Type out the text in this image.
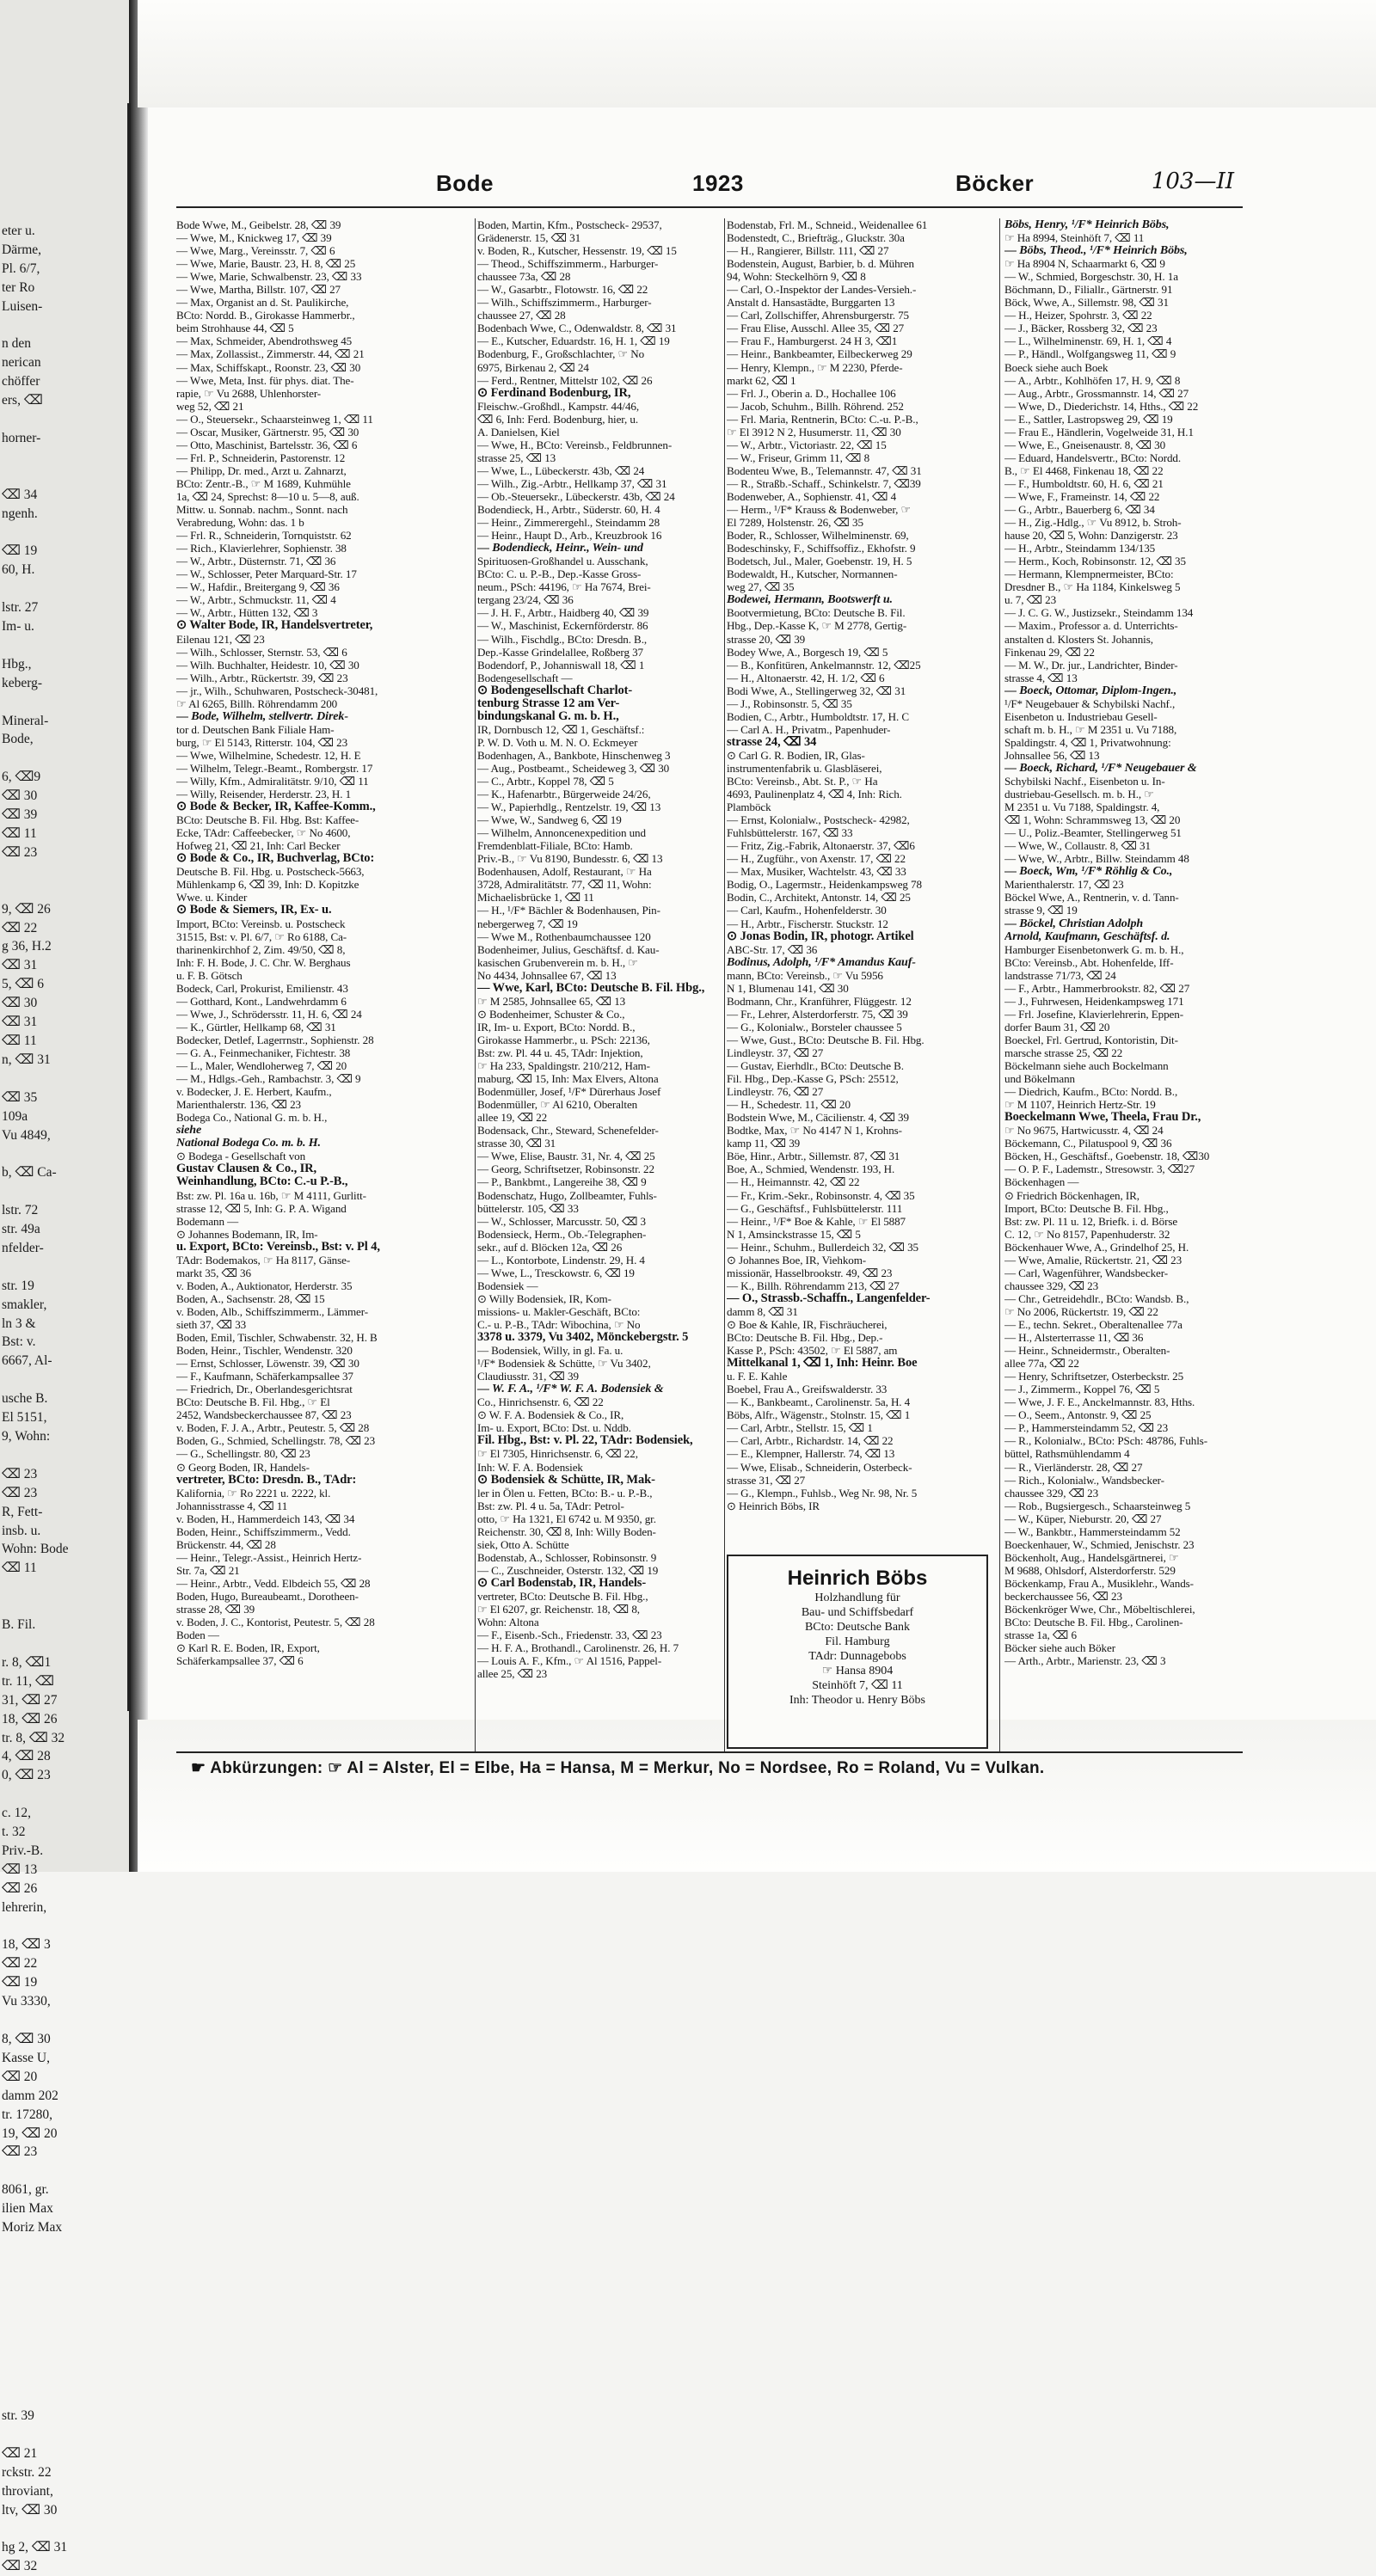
eter u.
Därme,
Pl. 6/7,
ter Ro
Luisen-

n den
nerican
chöffer
ers, ⌫

horner-

⌫ 34
ngenh.

⌫ 19
60, H.

lstr. 27
Im- u.

Hbg.,
keberg-

Mineral-
Bode,

6, ⌫9
⌫ 30
⌫ 39
⌫ 11
⌫ 23

9, ⌫ 26
⌫ 22
g 36, H.2
⌫ 31
5, ⌫ 6
⌫ 30
⌫ 31
⌫ 11
n, ⌫ 31

⌫ 35
109a
Vu 4849,

b, ⌫ Ca-

lstr. 72
str. 49a
nfelder-

str. 19
smakler,
ln 3 &
Bst: v.
6667, Al-

usche B.
El 5151,
9, Wohn:

⌫ 23
⌫ 23
R, Fett-
insb. u.
Wohn: Bode
⌫ 11

B. Fil.

r. 8, ⌫1
tr. 11, ⌫
31, ⌫ 27
18, ⌫ 26
tr. 8, ⌫ 32
4, ⌫ 28
0, ⌫ 23

c. 12,
t. 32
Priv.-B.
⌫ 13
⌫ 26
lehrerin,

18, ⌫ 3
⌫ 22
⌫ 19
Vu 3330,

8, ⌫ 30
Kasse U,
⌫ 20
damm 202
tr. 17280,
19, ⌫ 20
⌫ 23

8061, gr.
ilien Max
Moriz Max

str. 39

⌫ 21
rckstr. 22
throviant,
ltv, ⌫ 30

hg 2, ⌫ 31
⌫ 32
Bode	1923	Böcker	103—II
Bode Wwe, M., Geibelstr. 28, ⌫ 39
— Wwe, M., Knickweg 17, ⌫ 39
— Wwe, Marg., Vereinsstr. 7, ⌫ 6
— Wwe, Marie, Baustr. 23, H. 8, ⌫ 25
— Wwe, Marie, Schwalbenstr. 23, ⌫ 33
— Wwe, Martha, Billstr. 107, ⌫ 27
— Max, Organist an d. St. Paulikirche,
BCto: Nordd. B., Girokasse Hammerbr.,
beim Strohhause 44, ⌫ 5
— Max, Schmeider, Abendrothsweg 45
— Max, Zollassist., Zimmerstr. 44, ⌫ 21
— Max, Schiffskapt., Roonstr. 23, ⌫ 30
— Wwe, Meta, Inst. für phys. diat. The-
rapie, ☞ Vu 2688, Uhlenhorster-
weg 52, ⌫ 21
— O., Steuersekr., Schaarsteinweg 1, ⌫ 11
— Oscar, Musiker, Gärtnerstr. 95, ⌫ 30
— Otto, Maschinist, Bartelsstr. 36, ⌫ 6
— Frl. P., Schneiderin, Pastorenstr. 12
— Philipp, Dr. med., Arzt u. Zahnarzt,
BCto: Zentr.-B., ☞ M 1689, Kuhmühle
1a, ⌫ 24, Sprechst: 8—10 u. 5—8, auß.
Mittw. u. Sonnab. nachm., Sonnt. nach
Verabredung, Wohn: das. 1 b
— Frl. R., Schneiderin, Tornquiststr. 62
— Rich., Klavierlehrer, Sophienstr. 38
— W., Arbtr., Düsternstr. 71, ⌫ 36
— W., Schlosser, Peter Marquard-Str. 17
— W., Hafdir., Breitergang 9, ⌫ 36
— W., Arbtr., Schmuckstr. 11, ⌫ 4
— W., Arbtr., Hütten 132, ⌫ 3
⊙ Walter Bode, IR, Handelsvertreter,
Eilenau 121, ⌫ 23
— Wilh., Schlosser, Sternstr. 53, ⌫ 6
— Wilh. Buchhalter, Heidestr. 10, ⌫ 30
— Wilh., Arbtr., Rückertstr. 39, ⌫ 23
— jr., Wilh., Schuhwaren, Postscheck-30481,
☞ Al 6265, Billh. Röhrendamm 200
— Bode, Wilhelm, stellvertr. Direk-
tor d. Deutschen Bank Filiale Ham-
burg, ☞ El 5143, Ritterstr. 104, ⌫ 23
— Wwe, Wilhelmine, Schedestr. 12, H. E
— Wilhelm, Telegr.-Beamt., Rombergstr. 17
— Willy, Kfm., Admiralitätstr. 9/10, ⌫ 11
— Willy, Reisender, Herderstr. 23, H. 1
⊙ Bode & Becker, IR, Kaffee-Komm.,
BCto: Deutsche B. Fil. Hbg. Bst: Kaffee-
Ecke, TAdr: Caffeebecker, ☞ No 4600,
Hofweg 21, ⌫ 21, Inh: Carl Becker
⊙ Bode & Co., IR, Buchverlag, BCto:
Deutsche B. Fil. Hbg. u. Postscheck-5663,
Mühlenkamp 6, ⌫ 39, Inh: D. Kopitzke
Wwe. u. Kinder
⊙ Bode & Siemers, IR, Ex- u.
Import, BCto: Vereinsb. u. Postscheck
31515, Bst: v. Pl. 6/7, ☞ Ro 6188, Ca-
tharinenkirchhof 2, Zim. 49/50, ⌫ 8,
Inh: F. H. Bode, J. C. Chr. W. Berghaus
u. F. B. Götsch
Bodeck, Carl, Prokurist, Emilienstr. 43
— Gotthard, Kont., Landwehrdamm 6
— Wwe, J., Schrödersstr. 11, H. 6, ⌫ 24
— K., Gürtler, Hellkamp 68, ⌫ 31
Bodecker, Detlef, Lagerrnstr., Sophienstr. 28
— G. A., Feinmechaniker, Fichtestr. 38
— L., Maler, Wendloherweg 7, ⌫ 20
— M., Hdlgs.-Geh., Rambachstr. 3, ⌫ 9
v. Bodecker, J. E. Herbert, Kaufm.,
Marienthalerstr. 136, ⌫ 23
Bodega Co., National G. m. b. H.,
siehe
National Bodega Co. m. b. H.
⊙ Bodega - Gesellschaft von
Gustav Clausen & Co., IR,
Weinhandlung, BCto: C.-u P.-B.,
Bst: zw. Pl. 16a u. 16b, ☞ M 4111, Gurlitt-
strasse 12, ⌫ 5, Inh: G. P. A. Wigand
Bodemann —
⊙ Johannes Bodemann, IR, Im-
u. Export, BCto: Vereinsb., Bst: v. Pl 4,
TAdr: Bodemakos, ☞ Ha 8117, Gänse-
markt 35, ⌫ 36
v. Boden, A., Auktionator, Herderstr. 35
Boden, A., Sachsenstr. 28, ⌫ 15
v. Boden, Alb., Schiffszimmerm., Lämmer-
sieth 37, ⌫ 33
Boden, Emil, Tischler, Schwabenstr. 32, H. B
Boden, Heinr., Tischler, Wendenstr. 320
— Ernst, Schlosser, Löwenstr. 39, ⌫ 30
— F., Kaufmann, Schäferkampsallee 37
— Friedrich, Dr., Oberlandesgerichtsrat
BCto: Deutsche B. Fil. Hbg., ☞ El
2452, Wandsbeckerchaussee 87, ⌫ 23
v. Boden, F. J. A., Arbtr., Peutestr. 5, ⌫ 28
Boden, G., Schmied, Schellingstr. 78, ⌫ 23
— G., Schellingstr. 80, ⌫ 23
⊙ Georg Boden, IR, Handels-
vertreter, BCto: Dresdn. B., TAdr:
Kalifornia, ☞ Ro 2221 u. 2222, kl.
Johannisstrasse 4, ⌫ 11
v. Boden, H., Hammerdeich 143, ⌫ 34
Boden, Heinr., Schiffszimmerm., Vedd.
Brückenstr. 44, ⌫ 28
— Heinr., Telegr.-Assist., Heinrich Hertz-
Str. 7a, ⌫ 21
— Heinr., Arbtr., Vedd. Elbdeich 55, ⌫ 28
Boden, Hugo, Bureaubeamt., Dorotheen-
strasse 28, ⌫ 39
v. Boden, J. C., Kontorist, Peutestr. 5, ⌫ 28
Boden —
⊙ Karl R. E. Boden, IR, Export,
Schäferkampsallee 37, ⌫ 6
Boden, Martin, Kfm., Postscheck- 29537,
Grädenerstr. 15, ⌫ 31
v. Boden, R., Kutscher, Hessenstr. 19, ⌫ 15
— Theod., Schiffszimmerm., Harburger-
chaussee 73a, ⌫ 28
— W., Gasarbtr., Flotowstr. 16, ⌫ 22
— Wilh., Schiffszimmerm., Harburger-
chaussee 27, ⌫ 28
Bodenbach Wwe, C., Odenwaldstr. 8, ⌫ 31
— E., Kutscher, Eduardstr. 16, H. 1, ⌫ 19
Bodenburg, F., Großschlachter, ☞ No
6975, Birkenau 2, ⌫ 24
— Ferd., Rentner, Mittelstr 102, ⌫ 26
⊙ Ferdinand Bodenburg, IR,
Fleischw.-Großhdl., Kampstr. 44/46,
⌫ 6, Inh: Ferd. Bodenburg, hier, u.
A. Danielsen, Kiel
— Wwe, H., BCto: Vereinsb., Feldbrunnen-
strasse 25, ⌫ 13
— Wwe, L., Lübeckerstr. 43b, ⌫ 24
— Wilh., Zig.-Arbtr., Hellkamp 37, ⌫ 31
— Ob.-Steuersekr., Lübeckerstr. 43b, ⌫ 24
Bodendieck, H., Arbtr., Süderstr. 60, H. 4
— Heinr., Zimmerergehl., Steindamm 28
— Heinr., Haupt D., Arb., Kreuzbrook 16
— Bodendieck, Heinr., Wein- und
Spirituosen-Großhandel u. Ausschank,
BCto: C. u. P.-B., Dep.-Kasse Gross-
neum., PSch: 44196, ☞ Ha 7674, Brei-
tergang 23/24, ⌫ 36
— J. H. F., Arbtr., Haidberg 40, ⌫ 39
— W., Maschinist, Eckernförderstr. 86
— Wilh., Fischdlg., BCto: Dresdn. B.,
Dep.-Kasse Grindelallee, Roßberg 37
Bodendorf, P., Johanniswall 18, ⌫ 1
Bodengesellschaft —
⊙ Bodengesellschaft Charlot-
tenburg Strasse 12 am Ver-
bindungskanal G. m. b. H.,
IR, Dornbusch 12, ⌫ 1, Geschäftsf.:
P. W. D. Voth u. M. N. O. Eckmeyer
Bodenhagen, A., Bankbote, Hinschenweg 3
— Aug., Postbeamt., Scheideweg 3, ⌫ 30
— C., Arbtr., Koppel 78, ⌫ 5
— K., Hafenarbtr., Bürgerweide 24/26,
— W., Papierhdlg., Rentzelstr. 19, ⌫ 13
— Wwe, W., Sandweg 6, ⌫ 19
— Wilhelm, Annoncenexpedition und
Fremdenblatt-Filiale, BCto: Hamb.
Priv.-B., ☞ Vu 8190, Bundesstr. 6, ⌫ 13
Bodenhausen, Adolf, Restaurant, ☞ Ha
3728, Admiralitätstr. 77, ⌫ 11, Wohn:
Michaelisbrücke 1, ⌫ 11
— H., ¹/F* Bächler & Bodenhausen, Pin-
nebergerweg 7, ⌫ 19
— Wwe M., Rothenbaumchaussee 120
Bodenheimer, Julius, Geschäftsf. d. Kau-
kasischen Grubenverein m. b. H., ☞
No 4434, Johnsallee 67, ⌫ 13
— Wwe, Karl, BCto: Deutsche B. Fil. Hbg.,
☞ M 2585, Johnsallee 65, ⌫ 13
⊙ Bodenheimer, Schuster & Co.,
IR, Im- u. Export, BCto: Nordd. B.,
Girokasse Hammerbr., u. PSch: 22136,
Bst: zw. Pl. 44 u. 45, TAdr: Injektion,
☞ Ha 233, Spaldingstr. 210/212, Ham-
maburg, ⌫ 15, Inh: Max Elvers, Altona
Bodenmüller, Josef, ¹/F* Dürerhaus Josef
Bodenmüller, ☞ Al 6210, Oberalten
allee 19, ⌫ 22
Bodensack, Chr., Steward, Schenefelder-
strasse 30, ⌫ 31
— Wwe, Elise, Baustr. 31, Nr. 4, ⌫ 25
— Georg, Schriftsetzer, Robinsonstr. 22
— P., Bankbmt., Langereihe 38, ⌫ 9
Bodenschatz, Hugo, Zollbeamter, Fuhls-
büttelerstr. 105, ⌫ 33
— W., Schlosser, Marcusstr. 50, ⌫ 3
Bodensieck, Herm., Ob.-Telegraphen-
sekr., auf d. Blöcken 12a, ⌫ 26
— L., Kontorbote, Lindenstr. 29, H. 4
— Wwe, L., Tresckowstr. 6, ⌫ 19
Bodensiek —
⊙ Willy Bodensiek, IR, Kom-
missions- u. Makler-Geschäft, BCto:
C.- u. P.-B., TAdr: Wibochina, ☞ No
3378 u. 3379, Vu 3402, Mönckebergstr. 5
— Bodensiek, Willy, in gl. Fa. u.
¹/F* Bodensiek & Schütte, ☞ Vu 3402,
Claudiusstr. 31, ⌫ 39
— W. F. A., ¹/F* W. F. A. Bodensiek &
Co., Hinrichsenstr. 6, ⌫ 22
⊙ W. F. A. Bodensiek & Co., IR,
Im- u. Export, BCto: Dst. u. Nddb.
Fil. Hbg., Bst: v. Pl. 22, TAdr: Bodensiek,
☞ El 7305, Hinrichsenstr. 6, ⌫ 22,
Inh: W. F. A. Bodensiek
⊙ Bodensiek & Schütte, IR, Mak-
ler in Ölen u. Fetten, BCto: B.- u. P.-B.,
Bst: zw. Pl. 4 u. 5a, TAdr: Petrol-
otto, ☞ Ha 1321, El 6742 u. M 9350, gr.
Reichenstr. 30, ⌫ 8, Inh: Willy Boden-
siek, Otto A. Schütte
Bodenstab, A., Schlosser, Robinsonstr. 9
— C., Zuschneider, Osterstr. 132, ⌫ 19
⊙ Carl Bodenstab, IR, Handels-
vertreter, BCto: Deutsche B. Fil. Hbg.,
☞ El 6207, gr. Reichenstr. 18, ⌫ 8,
Wohn: Altona
— F., Eisenb.-Sch., Friedenstr. 33, ⌫ 23
— H. F. A., Brothandl., Carolinenstr. 26, H. 7
— Louis A. F., Kfm., ☞ Al 1516, Pappel-
allee 25, ⌫ 23
Bodenstab, Frl. M., Schneid., Weidenallee 61
Bodenstedt, C., Briefträg., Gluckstr. 30a
— H., Rangierer, Billstr. 111, ⌫ 27
Bodenstein, August, Barbier, b. d. Mühren
94, Wohn: Steckelhörn 9, ⌫ 8
— Carl, O.-Inspektor der Landes-Versieh.-
Anstalt d. Hansastädte, Burggarten 13
— Carl, Zollschiffer, Ahrensburgerstr. 75
— Frau Elise, Ausschl. Allee 35, ⌫ 27
— Frau F., Hamburgerst. 24 H 3, ⌫1
— Heinr., Bankbeamter, Eilbeckerweg 29
— Henry, Klempn., ☞ M 2230, Pferde-
markt 62, ⌫ 1
— Frl. J., Oberin a. D., Hochallee 106
— Jacob, Schuhm., Billh. Röhrend. 252
— Frl. Maria, Rentnerin, BCto: C.-u. P.-B.,
☞ El 3912 N 2, Husumerstr. 11, ⌫ 30
— W., Arbtr., Victoriastr. 22, ⌫ 15
— W., Friseur, Grimm 11, ⌫ 8
Bodenteu Wwe, B., Telemannstr. 47, ⌫ 31
— R., Straßb.-Schaff., Schinkelstr. 7, ⌫39
Bodenweber, A., Sophienstr. 41, ⌫ 4
— Herm., ¹/F* Krauss & Bodenweber, ☞
El 7289, Holstenstr. 26, ⌫ 35
Boder, R., Schlosser, Wilhelminenstr. 69,
Bodeschinsky, F., Schiffsoffiz., Ekhofstr. 9
Bodetsch, Jul., Maler, Goebenstr. 19, H. 5
Bodewaldt, H., Kutscher, Normannen-
weg 27, ⌫ 35
Bodewei, Hermann, Bootswerft u.
Bootvermietung, BCto: Deutsche B. Fil.
Hbg., Dep.-Kasse K, ☞ M 2778, Gertig-
strasse 20, ⌫ 39
Bodey Wwe, A., Borgesch 19, ⌫ 5
— B., Konfitüren, Ankelmannstr. 12, ⌫25
— H., Altonaerstr. 42, H. 1/2, ⌫ 6
Bodi Wwe, A., Stellingerweg 32, ⌫ 31
— J., Robinsonstr. 5, ⌫ 35
Bodien, C., Arbtr., Humboldtstr. 17, H. C
— Carl A. H., Privatm., Papenhuder-
strasse 24, ⌫ 34
⊙ Carl G. R. Bodien, IR, Glas-
instrumentenfabrik u. Glasbläserei,
BCto: Vereinsb., Abt. St. P., ☞ Ha
4693, Paulinenplatz 4, ⌫ 4, Inh: Rich.
Plamböck
— Ernst, Kolonialw., Postscheck- 42982,
Fuhlsbüttelerstr. 167, ⌫ 33
— Fritz, Zig.-Fabrik, Altonaerstr. 37, ⌫6
— H., Zugführ., von Axenstr. 17, ⌫ 22
— Max, Musiker, Wachtelstr. 43, ⌫ 33
Bodig, O., Lagermstr., Heidenkampsweg 78
Bodin, C., Architekt, Antonstr. 14, ⌫ 25
— Carl, Kaufm., Hohenfelderstr. 30
— H., Arbtr., Fischerstr. Stuckstr. 12
⊙ Jonas Bodin, IR, photogr. Artikel
ABC-Str. 17, ⌫ 36
Bodinus, Adolph, ¹/F* Amandus Kauf-
mann, BCto: Vereinsb., ☞ Vu 5956
N 1, Blumenau 141, ⌫ 30
Bodmann, Chr., Kranführer, Flüggestr. 12
— Fr., Lehrer, Alsterdorferstr. 75, ⌫ 39
— G., Kolonialw., Borsteler chaussee 5
— Wwe, Gust., BCto: Deutsche B. Fil. Hbg.
Lindleystr. 37, ⌫ 27
— Gustav, Eierhdlr., BCto: Deutsche B.
Fil. Hbg., Dep.-Kasse G, PSch: 25512,
Lindleystr. 76, ⌫ 27
— H., Schedestr. 11, ⌫ 20
Bodstein Wwe, M., Cäcilienstr. 4, ⌫ 39
Bodtke, Max, ☞ No 4147 N 1, Krohns-
kamp 11, ⌫ 39
Böe, Hinr., Arbtr., Sillemstr. 87, ⌫ 31
Boe, A., Schmied, Wendenstr. 193, H.
— H., Heimannstr. 42, ⌫ 22
— Fr., Krim.-Sekr., Robinsonstr. 4, ⌫ 35
— G., Geschäftsf., Fuhlsbüttelerstr. 111
— Heinr., ¹/F* Boe & Kahle, ☞ El 5887
N 1, Amsinckstrasse 15, ⌫ 5
— Heinr., Schuhm., Bullerdeich 32, ⌫ 35
⊙ Johannes Boe, IR, Viehkom-
missionär, Hasselbrookstr. 49, ⌫ 23
— K., Billh. Röhrendamm 213, ⌫ 27
— O., Strassb.-Schaffn., Langenfelder-
damm 8, ⌫ 31
⊙ Boe & Kahle, IR, Fischräucherei,
BCto: Deutsche B. Fil. Hbg., Dep.-
Kasse P., PSch: 43502, ☞ El 5887, am
Mittelkanal 1, ⌫ 1, Inh: Heinr. Boe
u. F. E. Kahle
Boebel, Frau A., Greifswalderstr. 33
— K., Bankbeamt., Carolinenstr. 5a, H. 4
Böbs, Alfr., Wägenstr., Stolnstr. 15, ⌫ 1
— Carl, Arbtr., Stellstr. 15, ⌫ 1
— Carl, Arbtr., Richardstr. 14, ⌫ 22
— E., Klempner, Hallerstr. 74, ⌫ 13
— Wwe, Elisab., Schneiderin, Osterbeck-
strasse 31, ⌫ 27
— G., Klempn., Fuhlsb., Weg Nr. 98, Nr. 5
⊙ Heinrich Böbs, IR
Böbs, Henry, ¹/F* Heinrich Böbs,
☞ Ha 8994, Steinhöft 7, ⌫ 11
— Böbs, Theod., ¹/F* Heinrich Böbs,
☞ Ha 8904 N, Schaarmarkt 6, ⌫ 9
— W., Schmied, Borgeschstr. 30, H. 1a
Böchmann, D., Filiallr., Gärtnerstr. 91
Böck, Wwe, A., Sillemstr. 98, ⌫ 31
— H., Heizer, Spohrstr. 3, ⌫ 22
— J., Bäcker, Rossberg 32, ⌫ 23
— L., Wilhelminenstr. 69, H. 1, ⌫ 4
— P., Händl., Wolfgangsweg 11, ⌫ 9
Boeck siehe auch Boek
— A., Arbtr., Kohlhöfen 17, H. 9, ⌫ 8
— Aug., Arbtr., Grossmannstr. 14, ⌫ 27
— Wwe, D., Diederichstr. 14, Hths., ⌫ 22
— E., Sattler, Lastropsweg 29, ⌫ 19
— Frau E., Händlerin, Vogelweide 31, H.1
— Wwe, E., Gneisenaustr. 8, ⌫ 30
— Eduard, Handelsvertr., BCto: Nordd.
B., ☞ El 4468, Finkenau 18, ⌫ 22
— F., Humboldtstr. 60, H. 6, ⌫ 21
— Wwe, F., Frameinstr. 14, ⌫ 22
— G., Arbtr., Bauerberg 6, ⌫ 34
— H., Zig.-Hdlg., ☞ Vu 8912, b. Stroh-
hause 20, ⌫ 5, Wohn: Danzigerstr. 23
— H., Arbtr., Steindamm 134/135
— Herm., Koch, Robinsonstr. 12, ⌫ 35
— Hermann, Klempnermeister, BCto:
Dresdner B., ☞ Ha 1184, Kinkelsweg 5
u. 7, ⌫ 23
— J. C. G. W., Justizsekr., Steindamm 134
— Maxim., Professor a. d. Unterrichts-
anstalten d. Klosters St. Johannis,
Finkenau 29, ⌫ 22
— M. W., Dr. jur., Landrichter, Binder-
strasse 4, ⌫ 13
— Boeck, Ottomar, Diplom-Ingen.,
¹/F* Neugebauer & Schybilski Nachf.,
Eisenbeton u. Industriebau Gesell-
schaft m. b. H., ☞ M 2351 u. Vu 7188,
Spaldingstr. 4, ⌫ 1, Privatwohnung:
Johnsallee 56, ⌫ 13
— Boeck, Richard, ¹/F* Neugebauer &
Schybilski Nachf., Eisenbeton u. In-
dustriebau-Gesellsch. m. b. H., ☞
M 2351 u. Vu 7188, Spaldingstr. 4,
⌫ 1, Wohn: Schrammsweg 13, ⌫ 20
— U., Poliz.-Beamter, Stellingerweg 51
— Wwe, W., Collaustr. 8, ⌫ 31
— Wwe, W., Arbtr., Billw. Steindamm 48
— Boeck, Wm, ¹/F* Röhlig & Co.,
Marienthalerstr. 17, ⌫ 23
Böckel Wwe, A., Rentnerin, v. d. Tann-
strasse 9, ⌫ 19
— Böckel, Christian Adolph
Arnold, Kaufmann, Geschäftsf. d.
Hamburger Eisenbetonwerk G. m. b. H.,
BCto: Vereinsb., Abt. Hohenfelde, Iff-
landstrasse 71/73, ⌫ 24
— F., Arbtr., Hammerbrookstr. 82, ⌫ 27
— J., Fuhrwesen, Heidenkampsweg 171
— Frl. Josefine, Klavierlehrerin, Eppen-
dorfer Baum 31, ⌫ 20
Boeckel, Frl. Gertrud, Kontoristin, Dit-
marsche strasse 25, ⌫ 22
Böckelmann siehe auch Bockelmann
und Bökelmann
— Diedrich, Kaufm., BCto: Nordd. B.,
☞ M 1107, Heinrich Hertz-Str. 19
Boeckelmann Wwe, Theela, Frau Dr.,
☞ No 9675, Hartwicusstr. 4, ⌫ 24
Böckemann, C., Pilatuspool 9, ⌫ 36
Böcken, H., Geschäftsf., Goebenstr. 18, ⌫30
— O. P. F., Lademstr., Stresowstr. 3, ⌫27
Böckenhagen —
⊙ Friedrich Böckenhagen, IR,
Import, BCto: Deutsche B. Fil. Hbg.,
Bst: zw. Pl. 11 u. 12, Briefk. i. d. Börse
C. 12, ☞ No 8157, Papenhuderstr. 32
Böckenhauer Wwe, A., Grindelhof 25, H.
— Wwe, Amalie, Rückertstr. 21, ⌫ 23
— Carl, Wagenführer, Wandsbecker-
chaussee 329, ⌫ 23
— Chr., Getreidehdlr., BCto: Wandsb. B.,
☞ No 2006, Rückertstr. 19, ⌫ 22
— E., techn. Sekret., Oberaltenallee 77a
— H., Alsterterrasse 11, ⌫ 36
— Heinr., Schneidermstr., Oberalten-
allee 77a, ⌫ 22
— Henry, Schriftsetzer, Osterbeckstr. 25
— J., Zimmerm., Koppel 76, ⌫ 5
— Wwe, J. F. E., Anckelmannstr. 83, Hths.
— O., Seem., Antonstr. 9, ⌫ 25
— P., Hammersteindamm 52, ⌫ 23
— R., Kolonialw., BCto: PSch: 48786, Fuhls-
büttel, Rathsmühlendamm 4
— R., Vierländerstr. 28, ⌫ 27
— Rich., Kolonialw., Wandsbecker-
chaussee 329, ⌫ 23
— Rob., Bugsiergesch., Schaarsteinweg 5
— W., Küper, Nieburstr. 20, ⌫ 27
— W., Bankbtr., Hammersteindamm 52
Boeckenhauer, W., Schmied, Jenischstr. 23
Böckenholt, Aug., Handelsgärtnerei, ☞
M 9688, Ohlsdorf, Alsterdorferstr. 529
Böckenkamp, Frau A., Musiklehr., Wands-
beckerchaussee 56, ⌫ 23
Böckenkröger Wwe, Chr., Möbeltischlerei,
BCto: Deutsche B. Fil. Hbg., Carolinen-
strasse 1a, ⌫ 6
Böcker siehe auch Böker
— Arth., Arbtr., Marienstr. 23, ⌫ 3
Heinrich Böbs
Holzhandlung für
Bau- und Schiffsbedarf
BCto: Deutsche Bank
Fil. Hamburg
TAdr: Dunnagebobs
☞ Hansa 8904
Steinhöft 7, ⌫ 11
Inh: Theodor u. Henry Böbs
☛ Abkürzungen: ☞ Al = Alster, El = Elbe, Ha = Hansa, M = Merkur, No = Nordsee, Ro = Roland, Vu = Vulkan.
